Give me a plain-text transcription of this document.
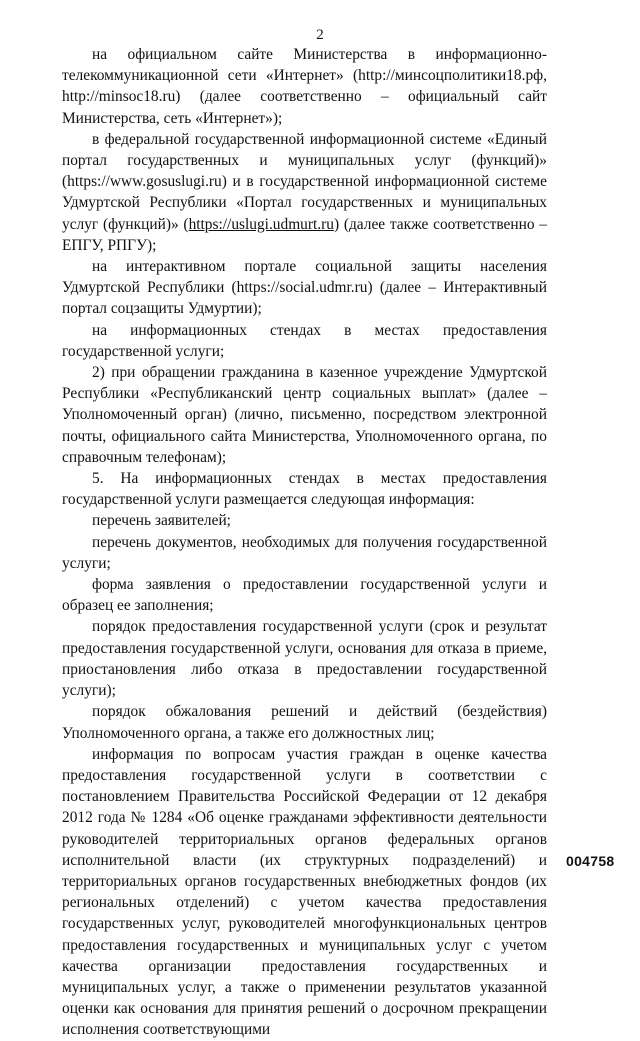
2

на официальном сайте Министерства в информационно-телекоммуникационной сети «Интернет» (http://минсоцполитики18.рф, http://minsoc18.ru) (далее соответственно – официальный сайт Министерства, сеть «Интернет»);

в федеральной государственной информационной системе «Единый портал государственных и муниципальных услуг (функций)» (https://www.gosuslugi.ru) и в государственной информационной системе Удмуртской Республики «Портал государственных и муниципальных услуг (функций)» (https://uslugi.udmurt.ru) (далее также соответственно – ЕПГУ, РПГУ);

на интерактивном портале социальной защиты населения Удмуртской Республики (https://social.udmr.ru) (далее – Интерактивный портал соцзащиты Удмуртии);

на информационных стендах в местах предоставления государственной услуги;

2) при обращении гражданина в казенное учреждение Удмуртской Республики «Республиканский центр социальных выплат» (далее – Уполномоченный орган) (лично, письменно, посредством электронной почты, официального сайта Министерства, Уполномоченного органа, по справочным телефонам);

5. На информационных стендах в местах предоставления государственной услуги размещается следующая информация:

перечень заявителей;

перечень документов, необходимых для получения государственной услуги;

форма заявления о предоставлении государственной услуги и образец ее заполнения;

порядок предоставления государственной услуги (срок и результат предоставления государственной услуги, основания для отказа в приеме, приостановления либо отказа в предоставлении государственной услуги);

порядок обжалования решений и действий (бездействия) Уполномоченного органа, а также его должностных лиц;

информация по вопросам участия граждан в оценке качества предоставления государственной услуги в соответствии с постановлением Правительства Российской Федерации от 12 декабря 2012 года № 1284 «Об оценке гражданами эффективности деятельности руководителей территориальных органов федеральных органов исполнительной власти (их структурных подразделений) и территориальных органов государственных внебюджетных фондов (их региональных отделений) с учетом качества предоставления государственных услуг, руководителей многофункциональных центров предоставления государственных и муниципальных услуг с учетом качества организации предоставления государственных и муниципальных услуг, а также о применении результатов указанной оценки как основания для принятия решений о досрочном прекращении исполнения соответствующими

004758
